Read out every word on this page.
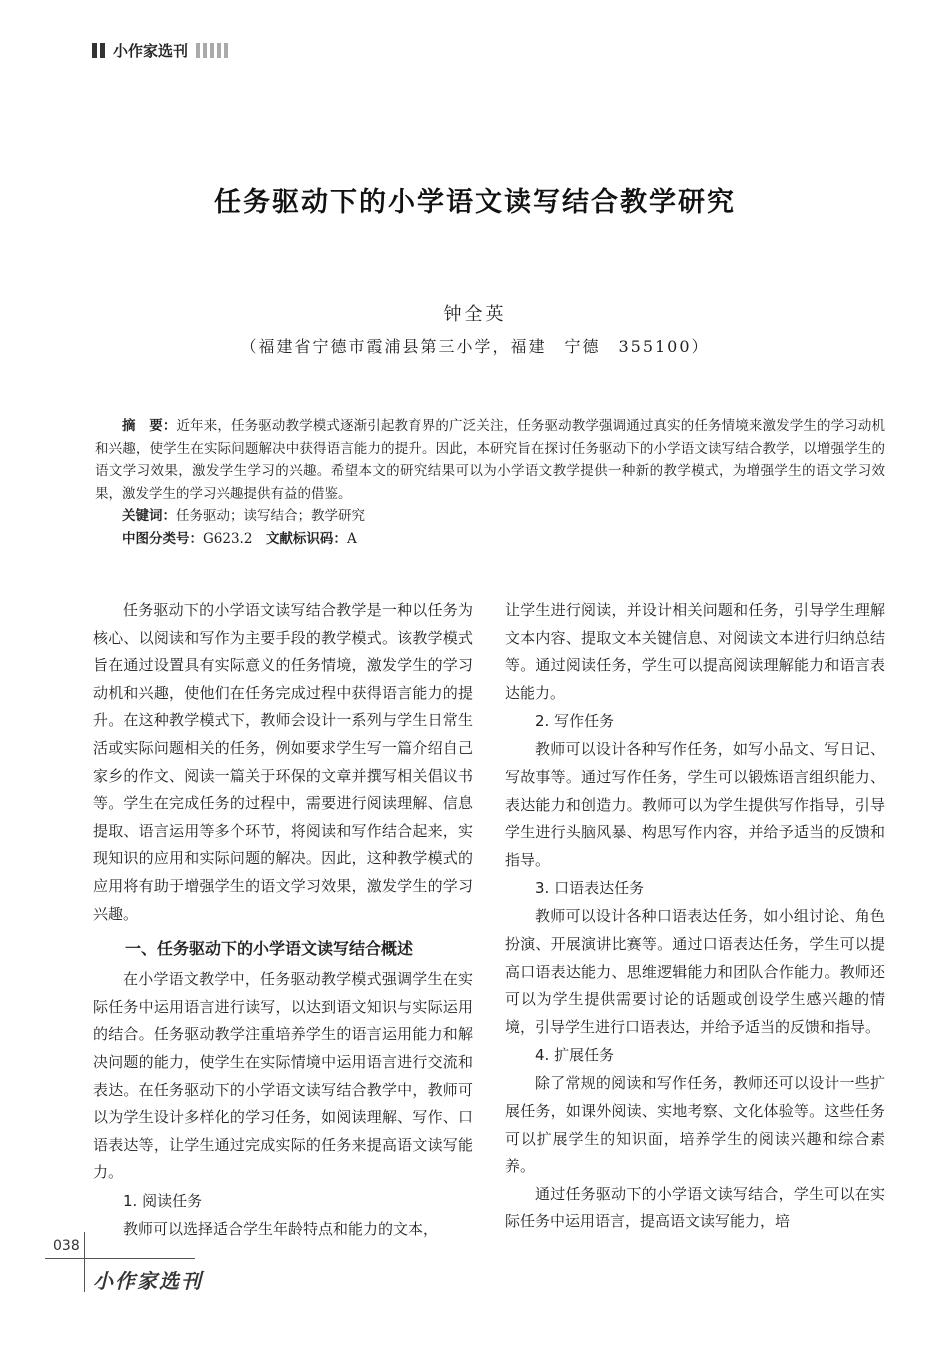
小作家选刊
任务驱动下的小学语文读写结合教学研究
钟全英
（福建省宁德市霞浦县第三小学，福建　宁德　355100）

摘　要：近年来，任务驱动教学模式逐渐引起教育界的广泛关注，任务驱动教学强调通过真实的任务情境来激发学生的学习动机和兴趣，使学生在实际问题解决中获得语言能力的提升。因此，本研究旨在探讨任务驱动下的小学语文读写结合教学，以增强学生的语文学习效果，激发学生学习的兴趣。希望本文的研究结果可以为小学语文教学提供一种新的教学模式，为增强学生的语文学习效果，激发学生的学习兴趣提供有益的借鉴。

关键词：任务驱动；读写结合；教学研究

中图分类号：G623.2　 文献标识码：A

任务驱动下的小学语文读写结合教学是一种以任务为核心、以阅读和写作为主要手段的教学模式。该教学模式旨在通过设置具有实际意义的任务情境，激发学生的学习动机和兴趣，使他们在任务完成过程中获得语言能力的提升。在这种教学模式下，教师会设计一系列与学生日常生活或实际问题相关的任务，例如要求学生写一篇介绍自己家乡的作文、阅读一篇关于环保的文章并撰写相关倡议书等。学生在完成任务的过程中，需要进行阅读理解、信息提取、语言运用等多个环节，将阅读和写作结合起来，实现知识的应用和实际问题的解决。因此，这种教学模式的应用将有助于增强学生的语文学习效果，激发学生的学习兴趣。

一、任务驱动下的小学语文读写结合概述

在小学语文教学中，任务驱动教学模式强调学生在实际任务中运用语言进行读写，以达到语文知识与实际运用的结合。任务驱动教学注重培养学生的语言运用能力和解决问题的能力，使学生在实际情境中运用语言进行交流和表达。在任务驱动下的小学语文读写结合教学中，教师可以为学生设计多样化的学习任务，如阅读理解、写作、口语表达等，让学生通过完成实际的任务来提高语文读写能力。

1. 阅读任务

教师可以选择适合学生年龄特点和能力的文本，

让学生进行阅读，并设计相关问题和任务，引导学生理解文本内容、提取文本关键信息、对阅读文本进行归纳总结等。通过阅读任务，学生可以提高阅读理解能力和语言表达能力。

2. 写作任务

教师可以设计各种写作任务，如写小品文、写日记、写故事等。通过写作任务，学生可以锻炼语言组织能力、表达能力和创造力。教师可以为学生提供写作指导，引导学生进行头脑风暴、构思写作内容，并给予适当的反馈和指导。

3. 口语表达任务

教师可以设计各种口语表达任务，如小组讨论、角色扮演、开展演讲比赛等。通过口语表达任务，学生可以提高口语表达能力、思维逻辑能力和团队合作能力。教师还可以为学生提供需要讨论的话题或创设学生感兴趣的情境，引导学生进行口语表达，并给予适当的反馈和指导。

4. 扩展任务

除了常规的阅读和写作任务，教师还可以设计一些扩展任务，如课外阅读、实地考察、文化体验等。这些任务可以扩展学生的知识面，培养学生的阅读兴趣和综合素养。

通过任务驱动下的小学语文读写结合，学生可以在实际任务中运用语言，提高语文读写能力，培

038
小作家选刊
